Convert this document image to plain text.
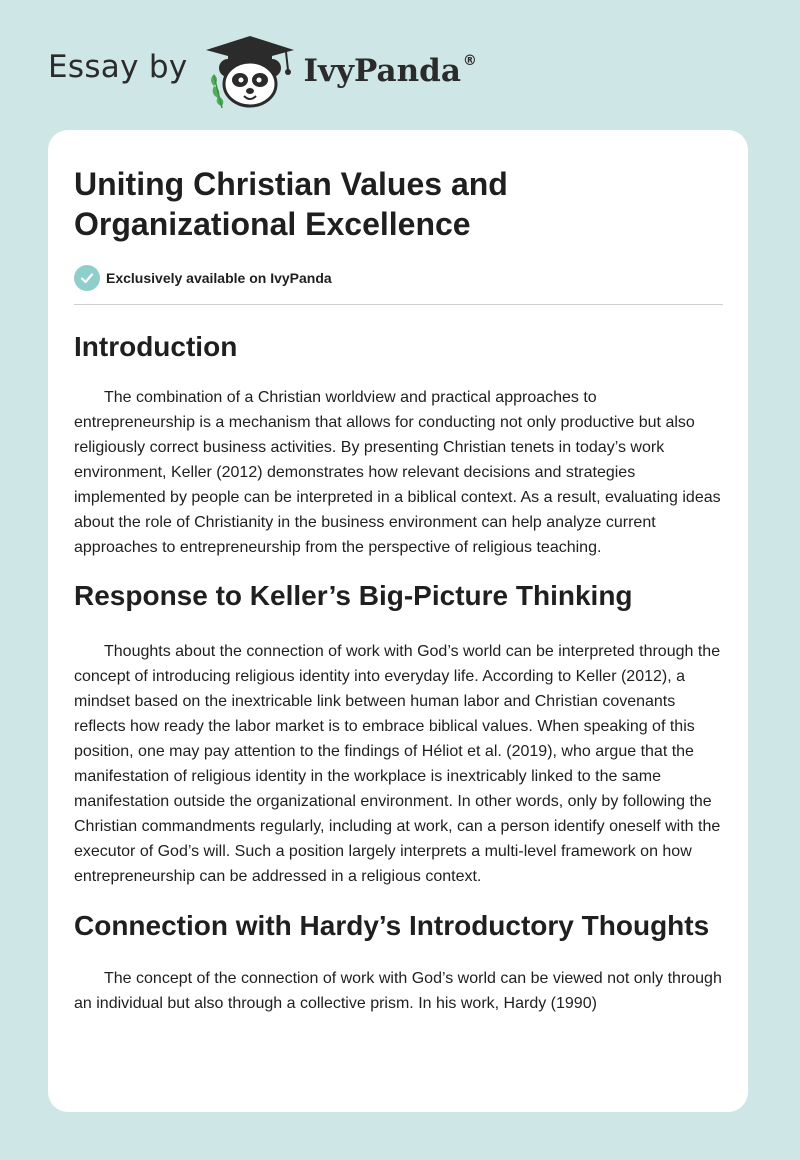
Essay by	IvyPanda ®
Uniting Christian Values and Organizational Excellence
Exclusively available on IvyPanda
Introduction

The combination of a Christian worldview and practical approaches to entrepreneurship is a mechanism that allows for conducting not only productive but also religiously correct business activities. By presenting Christian tenets in today’s work environment, Keller (2012) demonstrates how relevant decisions and strategies implemented by people can be interpreted in a biblical context. As a result, evaluating ideas about the role of Christianity in the business environment can help analyze current approaches to entrepreneurship from the perspective of religious teaching.

Response to Keller’s Big-Picture Thinking

Thoughts about the connection of work with God’s world can be interpreted through the concept of introducing religious identity into everyday life. According to Keller (2012), a mindset based on the inextricable link between human labor and Christian covenants reflects how ready the labor market is to embrace biblical values. When speaking of this position, one may pay attention to the findings of Héliot et al. (2019), who argue that the manifestation of religious identity in the workplace is inextricably linked to the same manifestation outside the organizational environment. In other words, only by following the Christian commandments regularly, including at work, can a person identify oneself with the executor of God’s will. Such a position largely interprets a multi-level framework on how entrepreneurship can be addressed in a religious context.

Connection with Hardy’s Introductory Thoughts

The concept of the connection of work with God’s world can be viewed not only through an individual but also through a collective prism. In his work, Hardy (1990)
